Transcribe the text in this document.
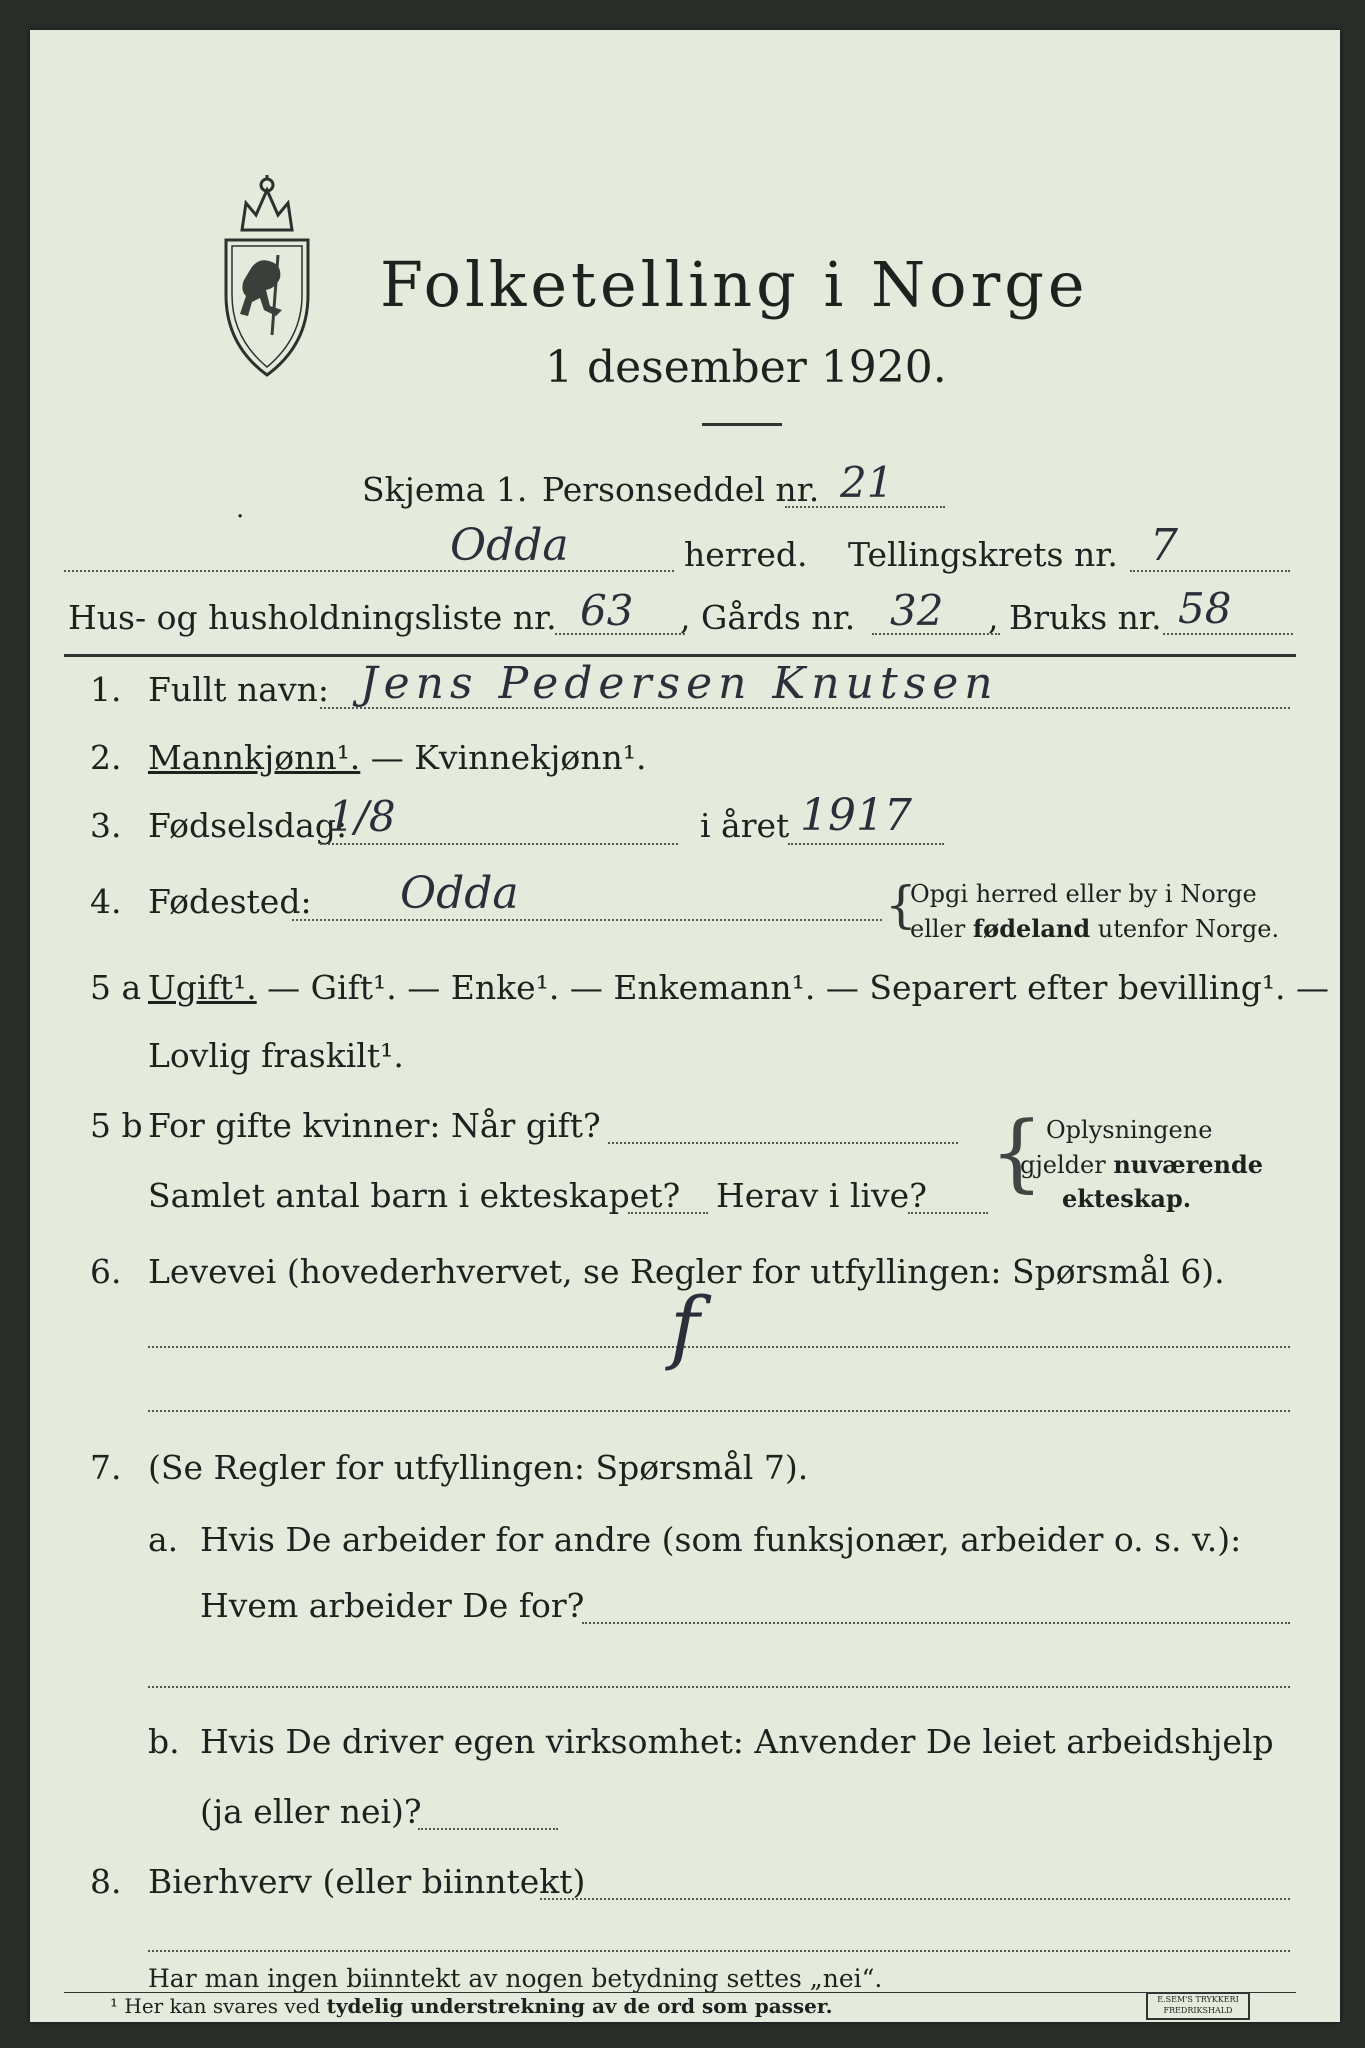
Folketelling i Norge
1 desember 1920.
·
Skjema 1. Personseddel nr. 21
Odda	herred. Tellingskrets nr. 7
Hus- og husholdningsliste nr. 63 , Gårds nr. 32 , Bruks nr. 58
1. Fullt navn: Jens Pedersen Knutsen
2. Mannkjønn¹. — Kvinnekjønn¹.
3. Fødselsdag:
1/8	i året 1917
4. Fødested: Odda	{
Opgi herred eller by i Norge
eller fødeland utenfor Norge.
5 a Ugift¹. — Gift¹. — Enke¹. — Enkemann¹. — Separert efter bevilling¹. —
Lovlig fraskilt¹.
5 b For gifte kvinner: Når gift?
Samlet antal barn i ekteskapet? Herav i live? { Oplysningene
gjelder nuværende
ekteskap.
6. Levevei (hovederhvervet, se Regler for utfyllingen: Spørsmål 6).
f
7. (Se Regler for utfyllingen: Spørsmål 7).
a. Hvis De arbeider for andre (som funksjonær, arbeider o. s. v.):
Hvem arbeider De for?
b. Hvis De driver egen virksomhet: Anvender De leiet arbeidshjelp
(ja eller nei)?
8. Bierhverv (eller biinntekt)
Har man ingen biinntekt av nogen betydning settes „nei“.
¹ Her kan svares ved tydelig understrekning av de ord som passer.	E.SEM'S TRYKKERI
FREDRIKSHALD
